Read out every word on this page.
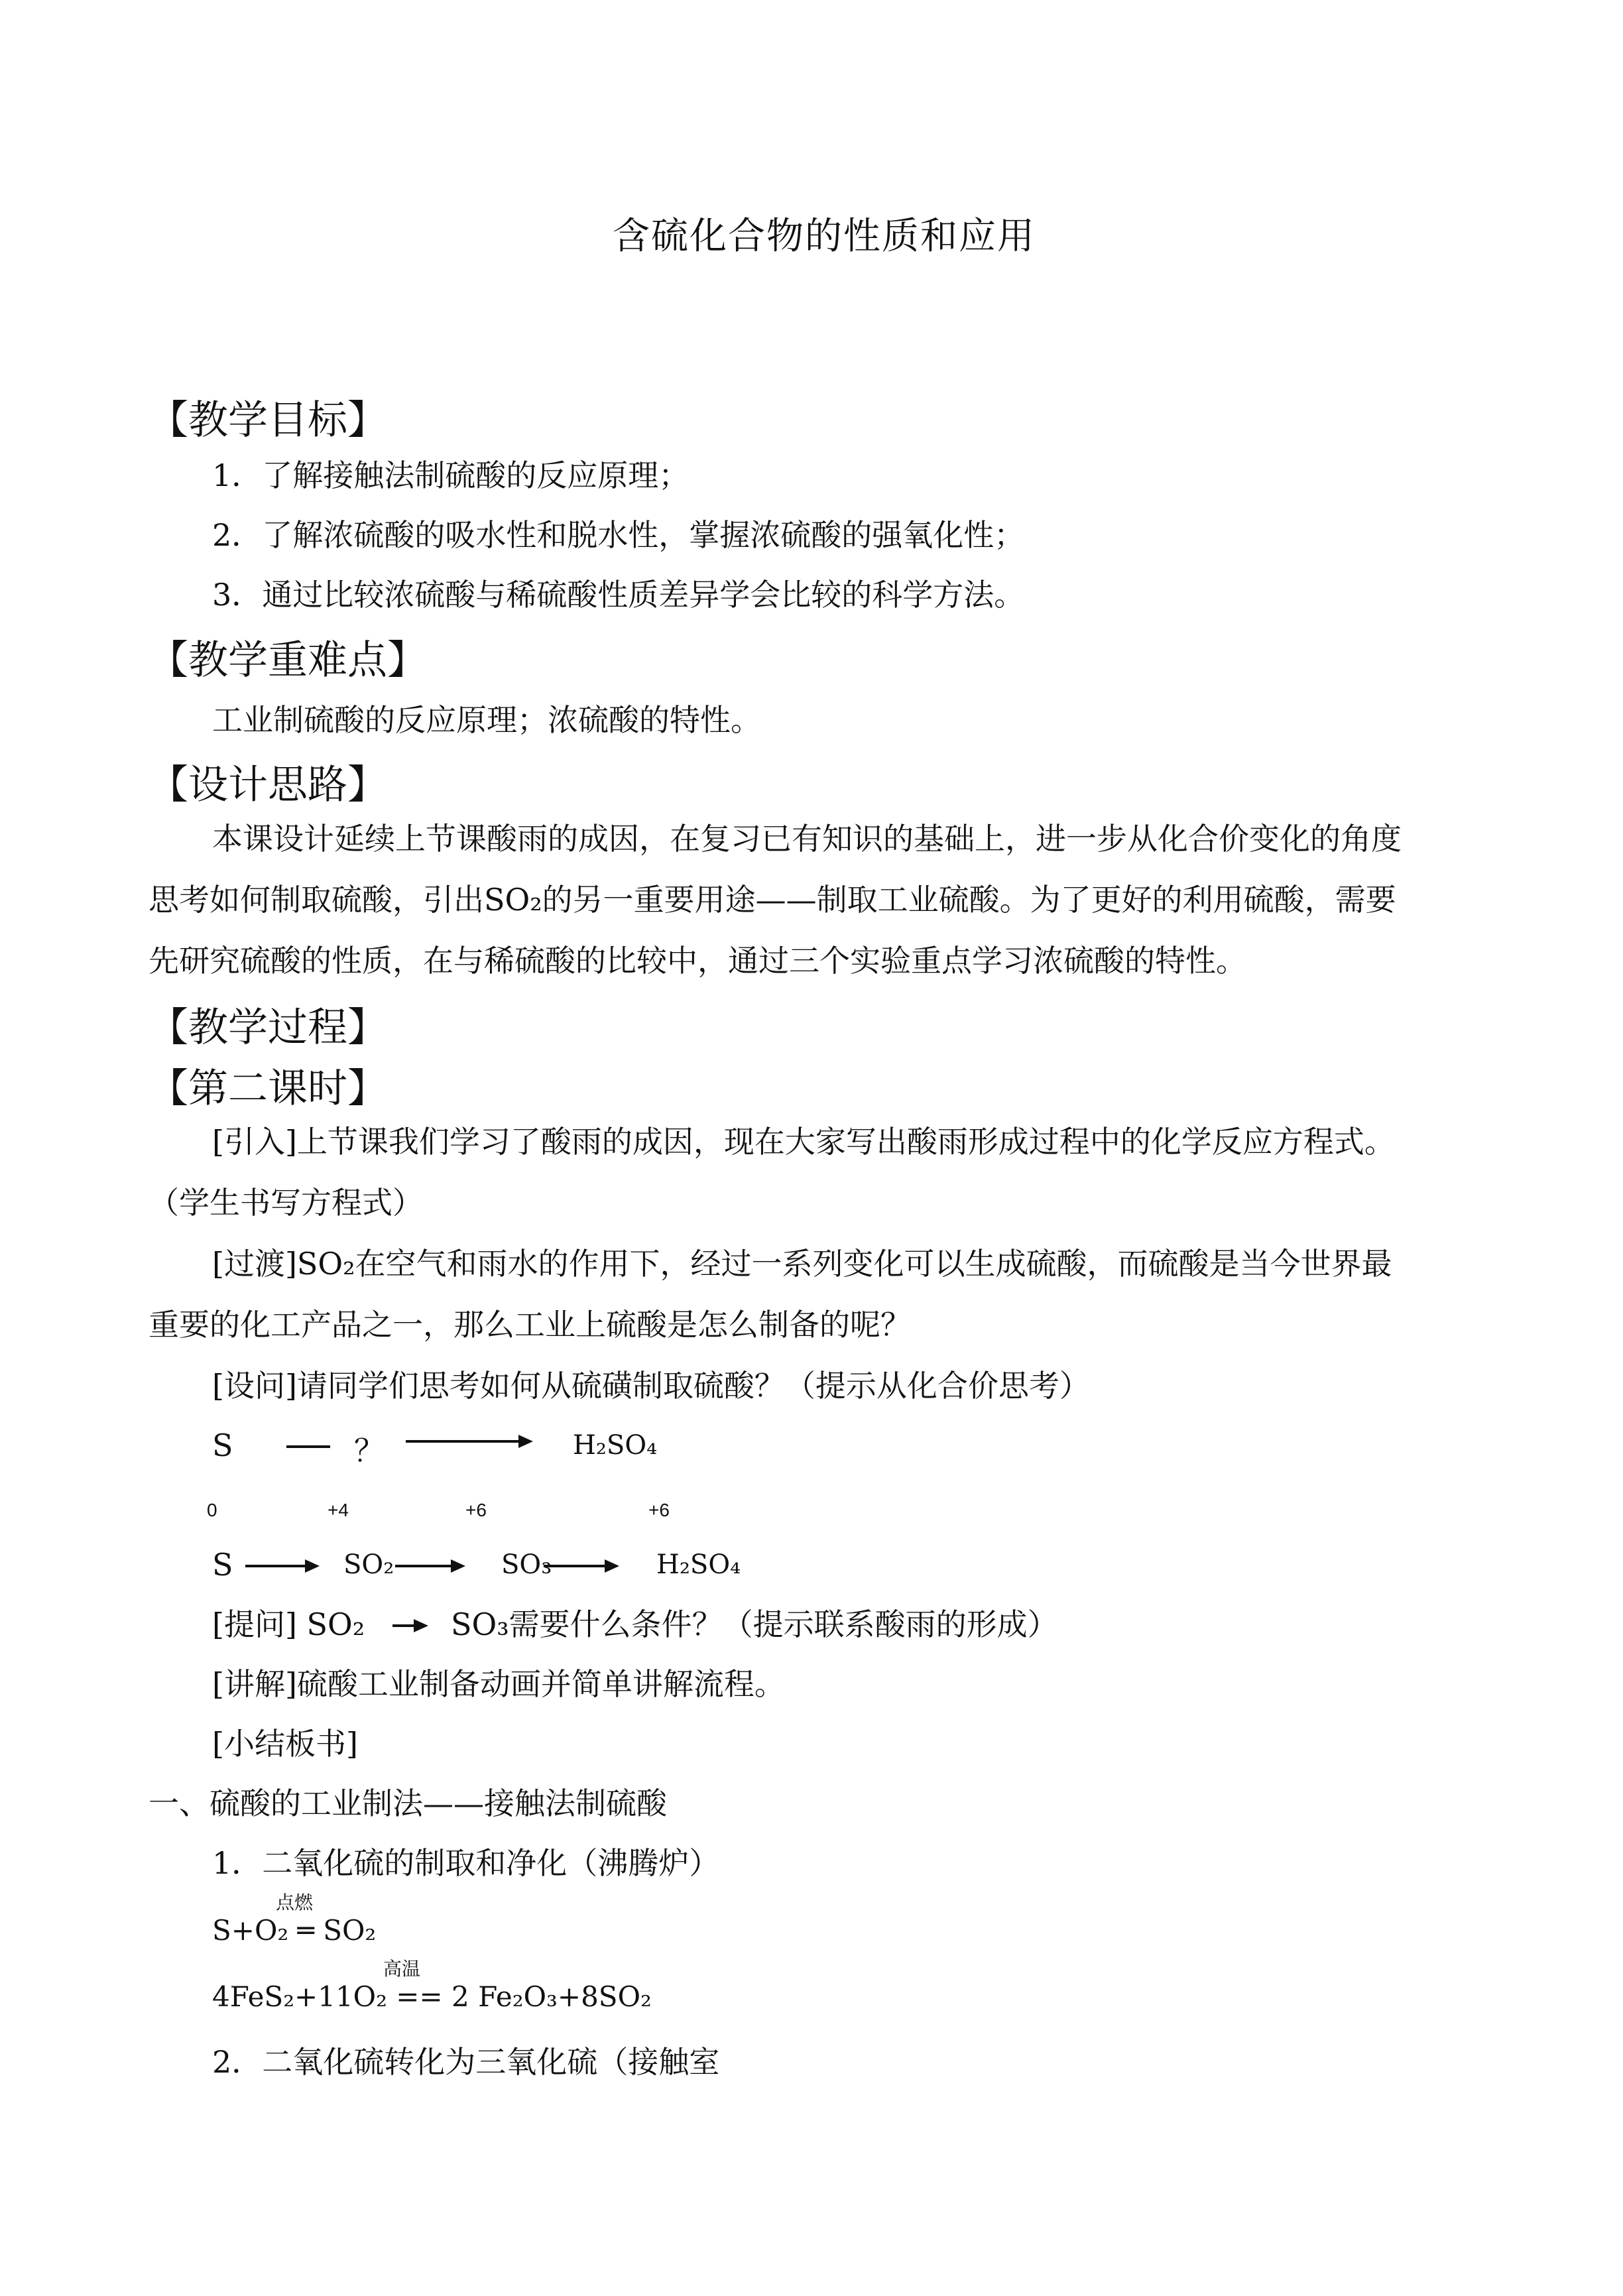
含硫化合物的性质和应用
【教学目标】
1．了解接触法制硫酸的反应原理；
2．了解浓硫酸的吸水性和脱水性，掌握浓硫酸的强氧化性；
3．通过比较浓硫酸与稀硫酸性质差异学会比较的科学方法。
【教学重难点】
工业制硫酸的反应原理；浓硫酸的特性。
【设计思路】
本课设计延续上节课酸雨的成因，在复习已有知识的基础上，进一步从化合价变化的角度
思考如何制取硫酸，引出SO₂的另一重要用途——制取工业硫酸。为了更好的利用硫酸，需要
先研究硫酸的性质，在与稀硫酸的比较中，通过三个实验重点学习浓硫酸的特性。
【教学过程】
【第二课时】
[引入]上节课我们学习了酸雨的成因，现在大家写出酸雨形成过程中的化学反应方程式。
（学生书写方程式）
[过渡]SO₂在空气和雨水的作用下，经过一系列变化可以生成硫酸，而硫酸是当今世界最
重要的化工产品之一，那么工业上硫酸是怎么制备的呢？
[设问]请同学们思考如何从硫磺制取硫酸？（提示从化合价思考）
S	？	H₂SO₄
0	+4	+6	+6
S	SO₂	SO₃	H₂SO₄
[提问] SO₂	SO₃需要什么条件？（提示联系酸雨的形成）
[讲解]硫酸工业制备动画并简单讲解流程。
[小结板书]
一、硫酸的工业制法——接触法制硫酸
1．二氧化硫的制取和净化（沸腾炉）
点燃
S+O₂ ═ SO₂
高温
4FeS₂+11O₂ == 2 Fe₂O₃+8SO₂
2．二氧化硫转化为三氧化硫（接触室
